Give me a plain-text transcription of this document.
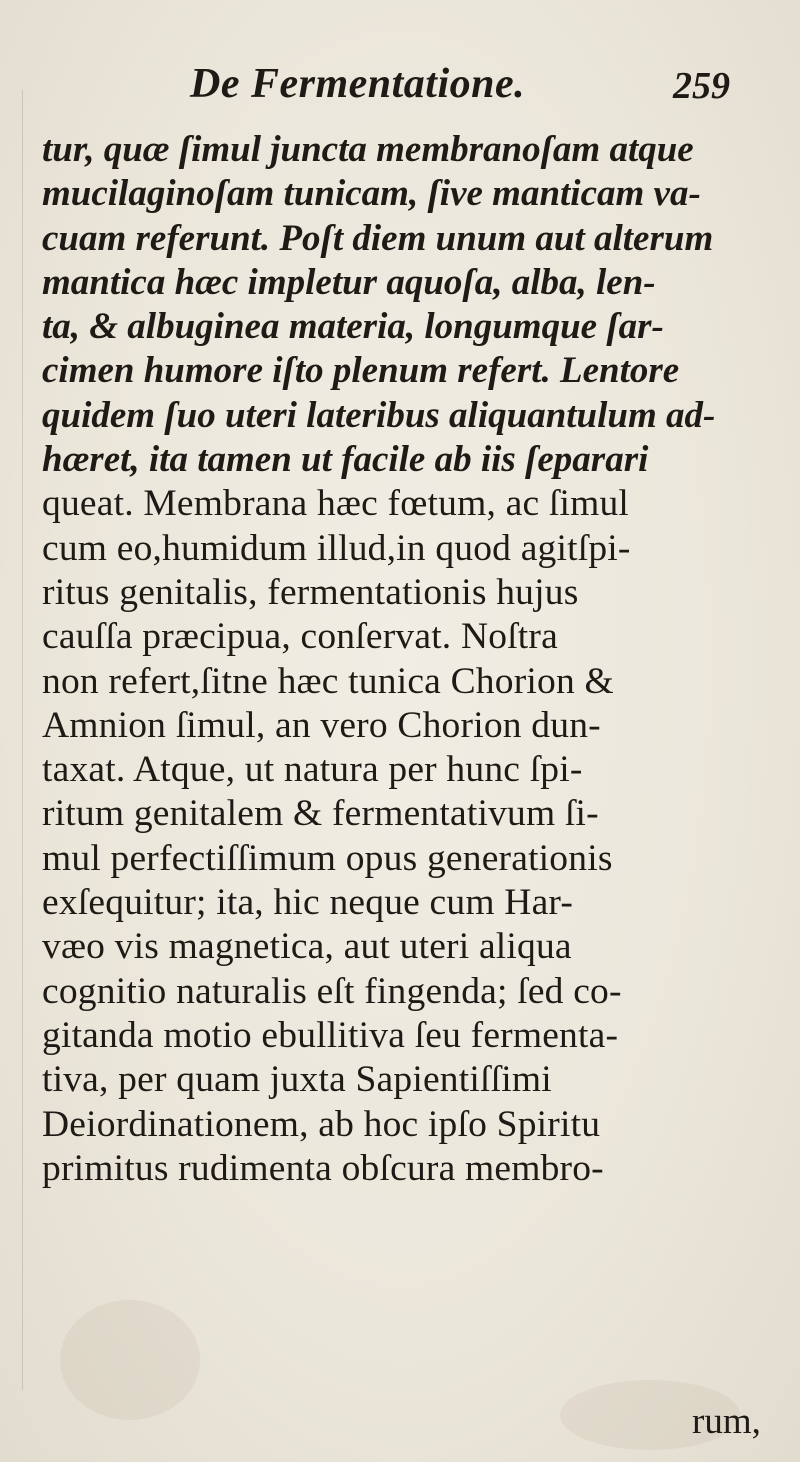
De Fermentatione.	259
tur, quæ ſimul juncta membranoſam atque
mucilaginoſam tunicam, ſive manticam va-
cuam referunt. Poſt diem unum aut alterum
mantica hæc impletur aquoſa, alba, len-
ta, & albuginea materia, longumque ſar-
cimen humore iſto plenum refert. Lentore
quidem ſuo uteri lateribus aliquantulum ad-
hæret, ita tamen ut facile ab iis ſeparari
queat. Membrana hæc fœtum, ac ſimul
cum eo,humidum illud,in quod agitſpi-
ritus genitalis, fermentationis hujus
cauſſa præcipua, conſervat. Noſtra
non refert,ſitne hæc tunica Chorion &
Amnion ſimul, an vero Chorion dun-
taxat. Atque, ut natura per hunc ſpi-
ritum genitalem & fermentativum ſi-
mul perfectiſſimum opus generationis
exſequitur; ita, hic neque cum Har-
væo vis magnetica, aut uteri aliqua
cognitio naturalis eſt fingenda; ſed co-
gitanda motio ebullitiva ſeu fermenta-
tiva, per quam juxta Sapientiſſimi
Deiordinationem, ab hoc ipſo Spiritu
primitus rudimenta obſcura membro-
rum,
